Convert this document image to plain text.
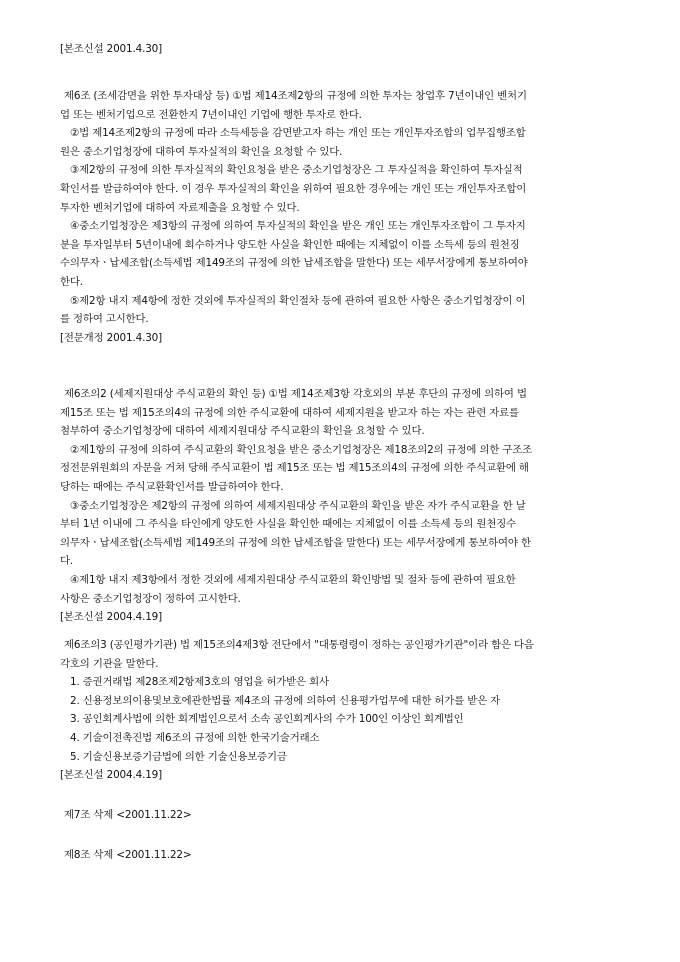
[본조신설 2001.4.30]
제6조 (조세감면을 위한 투자대상 등) ①법 제14조제2항의 규정에 의한 투자는 창업후 7년이내인 벤처기
업 또는 벤처기업으로 전환한지 7년이내인 기업에 행한 투자로 한다.
②법 제14조제2항의 규정에 따라 소득세등을 감면받고자 하는 개인 또는 개인투자조합의 업무집행조합
원은 중소기업청장에 대하여 투자실적의 확인을 요청할 수 있다.
③제2항의 규정에 의한 투자실적의 확인요청을 받은 중소기업청장은 그 투자실적을 확인하여 투자실적
확인서를 발급하여야 한다. 이 경우 투자실적의 확인을 위하여 필요한 경우에는 개인 또는 개인투자조합이
투자한 벤처기업에 대하여 자료제출을 요청할 수 있다.
④중소기업청장은 제3항의 규정에 의하여 투자실적의 확인을 받은 개인 또는 개인투자조합이 그 투자지
분을 투자일부터 5년이내에 회수하거나 양도한 사실을 확인한 때에는 지체없이 이를 소득세 등의 원천징
수의무자ㆍ납세조합(소득세법 제149조의 규정에 의한 납세조합을 말한다) 또는 세무서장에게 통보하여야
한다.
⑤제2항 내지 제4항에 정한 것외에 투자실적의 확인절차 등에 관하여 필요한 사항은 중소기업청장이 이
를 정하여 고시한다.
[전문개정 2001.4.30]
제6조의2 (세제지원대상 주식교환의 확인 등) ①법 제14조제3항 각호외의 부분 후단의 규정에 의하여 법
제15조 또는 법 제15조의4의 규정에 의한 주식교환에 대하여 세제지원을 받고자 하는 자는 관련 자료를
첨부하여 중소기업청장에 대하여 세제지원대상 주식교환의 확인을 요청할 수 있다.
②제1항의 규정에 의하여 주식교환의 확인요청을 받은 중소기업청장은 제18조의2의 규정에 의한 구조조
정전문위원회의 자문을 거쳐 당해 주식교환이 법 제15조 또는 법 제15조의4의 규정에 의한 주식교환에 해
당하는 때에는 주식교환확인서를 발급하여야 한다.
③중소기업청장은 제2항의 규정에 의하여 세제지원대상 주식교환의 확인을 받은 자가 주식교환을 한 날
부터 1년 이내에 그 주식을 타인에게 양도한 사실을 확인한 때에는 지체없이 이를 소득세 등의 원천징수
의무자ㆍ납세조합(소득세법 제149조의 규정에 의한 납세조합을 말한다) 또는 세무서장에게 통보하여야 한
다.
④제1항 내지 제3항에서 정한 것외에 세제지원대상 주식교환의 확인방법 및 절차 등에 관하여 필요한
사항은 중소기업청장이 정하여 고시한다.
[본조신설 2004.4.19]
제6조의3 (공인평가기관) 법 제15조의4제3항 전단에서 "대통령령이 정하는 공인평가기관"이라 함은 다음
각호의 기관을 말한다.
1. 증권거래법 제28조제2항제3호의 영업을 허가받은 회사
2. 신용정보의이용및보호에관한법률 제4조의 규정에 의하여 신용평가업무에 대한 허가를 받은 자
3. 공인회계사법에 의한 회계법인으로서 소속 공인회계사의 수가 100인 이상인 회계법인
4. 기술이전촉진법 제6조의 규정에 의한 한국기술거래소
5. 기술신용보증기금법에 의한 기술신용보증기금
[본조신설 2004.4.19]
제7조 삭제 <2001.11.22>
제8조 삭제 <2001.11.22>
